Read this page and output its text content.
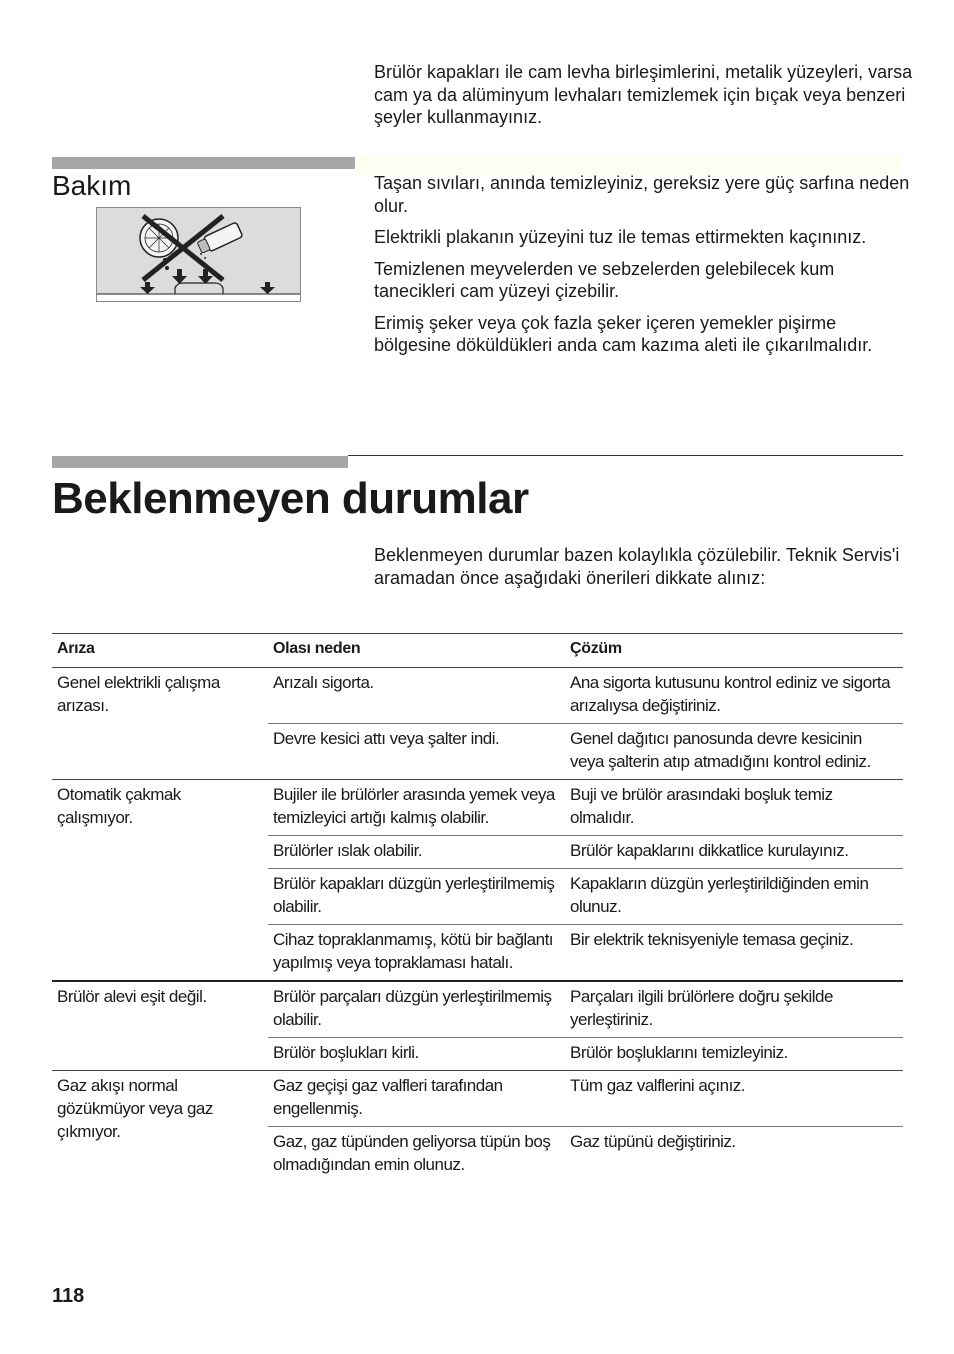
Brülör kapakları ile cam levha birleşimlerini, metalik yüzeyleri, varsa cam ya da alüminyum levhaları temizlemek için bıçak veya benzeri şeyler kullanmayınız.

Bakım	Taşan sıvıları, anında temizleyiniz, gereksiz yere güç sarfına neden olur.

Elektrikli plakanın yüzeyini tuz ile temas ettirmekten kaçınınız.

Temizlenen meyvelerden ve sebzelerden gelebilecek kum tanecikleri cam yüzeyi çizebilir.

Erimiş şeker veya çok fazla şeker içeren yemekler pişirme bölgesine döküldükleri anda cam kazıma aleti ile çıkarılmalıdır.

Beklenmeyen durumlar

Beklenmeyen durumlar bazen kolaylıkla çözülebilir. Teknik Servis'i aramadan önce aşağıdaki önerileri dikkate alınız:

Arıza	Olası neden	Çözüm
Genel elektrikli çalışma arızası.	Arızalı sigorta.	Ana sigorta kutusunu kontrol ediniz ve sigorta arızalıysa değiştiriniz.
	Devre kesici attı veya şalter indi.	Genel dağıtıcı panosunda devre kesicinin veya şalterin atıp atmadığını kontrol ediniz.
Otomatik çakmak çalışmıyor.	Bujiler ile brülörler arasında yemek veya temizleyici artığı kalmış olabilir.	Buji ve brülör arasındaki boşluk temiz olmalıdır.
	Brülörler ıslak olabilir.	Brülör kapaklarını dikkatlice kurulayınız.
	Brülör kapakları düzgün yerleştirilmemiş olabilir.	Kapakların düzgün yerleştirildiğinden emin olunuz.
	Cihaz topraklanmamış, kötü bir bağlantı yapılmış veya topraklaması hatalı.	Bir elektrik teknisyeniyle temasa geçiniz.
Brülör alevi eşit değil.	Brülör parçaları düzgün yerleştirilmemiş olabilir.	Parçaları ilgili brülörlere doğru şekilde yerleştiriniz.
	Brülör boşlukları kirli.	Brülör boşluklarını temizleyiniz.
Gaz akışı normal gözükmüyor veya gaz çıkmıyor.	Gaz geçişi gaz valfleri tarafından engellenmiş.	Tüm gaz valflerini açınız.
	Gaz, gaz tüpünden geliyorsa tüpün boş olmadığından emin olunuz.	Gaz tüpünü değiştiriniz.

118
